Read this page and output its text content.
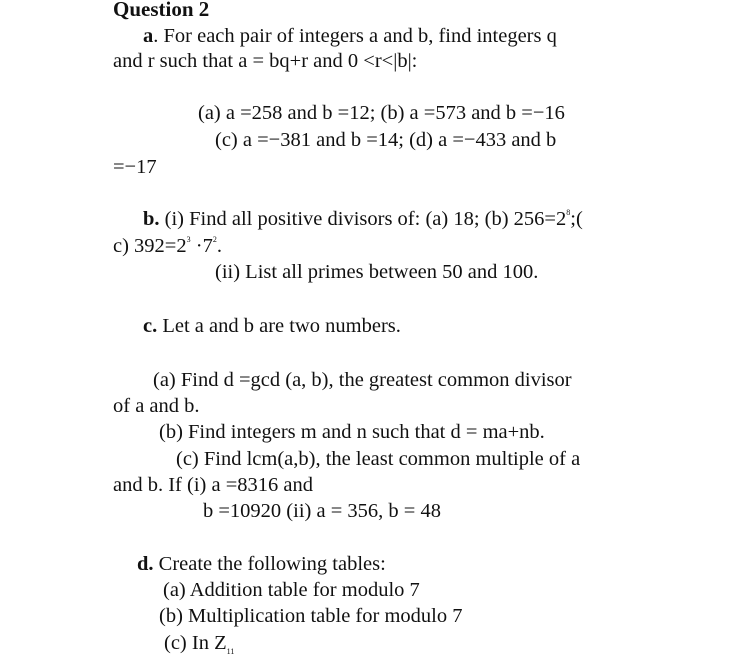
Question 2
a. For each pair of integers a and b, find integers q
and r such that a = bq+r and 0 <r<|b|:
(a) a =258 and b =12; (b) a =573 and b =−16
(c) a =−381 and b =14; (d) a =−433 and b
=−17
b. (i) Find all positive divisors of: (a) 18; (b) $256=2^8$;(
c) $392=2^3 \cdot 7^2$.
(ii) List all primes between 50 and 100.
c. Let a and b are two numbers.
(a) Find d =gcd (a, b), the greatest common divisor
of a and b.
(b) Find integers m and n such that d = ma+nb.
(c) Find lcm(a,b), the least common multiple of a
and b. If (i) a =8316 and
b =10920 (ii) a = 356, b = 48
d. Create the following tables:
(a) Addition table for modulo 7
(b) Multiplication table for modulo 7
(c) In $Z_{11}$
